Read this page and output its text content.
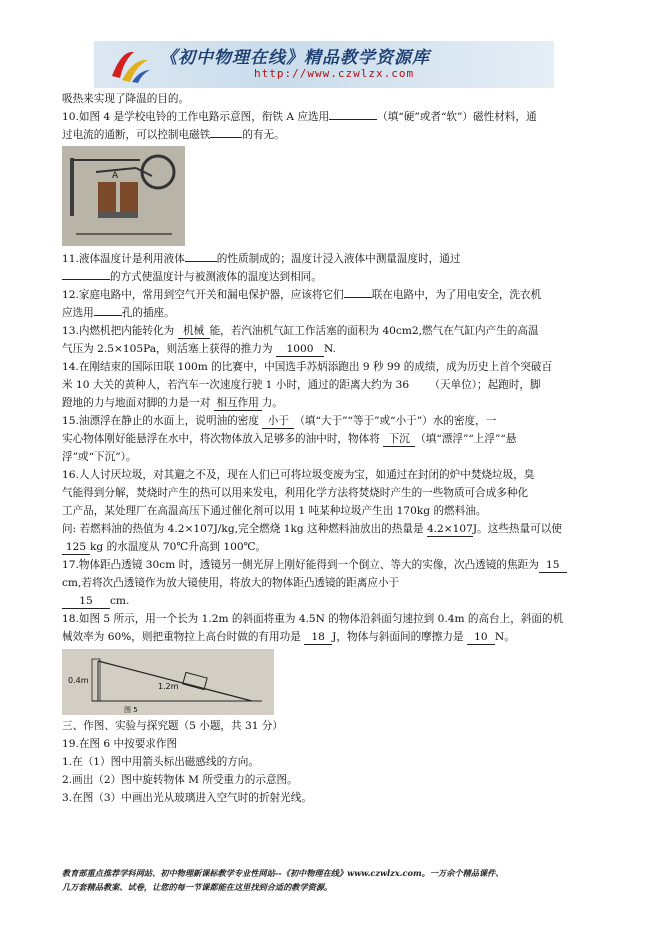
《初中物理在线》精品教学资源库
http://www.czwlzx.com

吸热来实现了降温的目的。

10.如图 4 是学校电铃的工作电路示意图，衔铁 A 应选用	（填“硬”或者“软”）磁性材料，通

过电流的通断，可以控制电磁铁	的有无。

A

11.液体温度计是利用液体	的性质制成的；温度计浸入液体中测量温度时，通过

的方式使温度计与被测液体的温度达到相同。

12.家庭电路中，常用到空气开关和漏电保护器，应该将它们	联在电路中，为了用电安全，洗衣机

应选用	孔的插座。

13.内燃机把内能转化为 机械 能，若汽油机气缸工作活塞的面积为 40cm2,燃气在气缸内产生的高温

气压为 2.5×105Pa，则活塞上获得的推力为 1000 N.

14.在刚结束的国际田联 100m 的比赛中，中国选手苏炳添跑出 9 秒 99 的成绩，成为历史上首个突破百

米 10 大关的黄种人，若汽车一次速度行驶 1 小时，通过的距离大约为 36 （天单位）；起跑时，脚

蹬地的力与地面对脚的力是一对 相互作用 力。

15.油漂浮在静止的水面上，说明油的密度 小于 （填“大于”“等于”或“小于”）水的密度，一

实心物体刚好能悬浮在水中，将次物体放入足够多的油中时，物体将 下沉 （填“漂浮”“上浮”“悬

浮”或“下沉”）。

16.人人讨厌垃圾，对其避之不及，现在人们已可将垃圾变废为宝，如通过在封闭的炉中焚烧垃圾，臭

气能得到分解，焚烧时产生的热可以用来发电，利用化学方法将焚烧时产生的一些物质可合成多种化

工产品，某处理厂在高温高压下通过催化剂可以用 1 吨某种垃圾产生出 170kg 的燃料油。

问: 若燃料油的热值为 4.2×107J/kg,完全燃烧 1kg 这种燃料油放出的热量是 4.2×107J。这些热量可以使

125 kg 的水温度从 70℃升高到 100℃。

17.物体距凸透镜 30cm 时，透镜另一侧光屏上刚好能得到一个倒立、等大的实像，次凸透镜的焦距为 15

cm,若将次凸透镜作为放大镜使用，将放大的物体距凸透镜的距离应小于

15 cm.

18.如图 5 所示，用一个长为 1.2m 的斜面将重为 4.5N 的物体沿斜面匀速拉到 0.4m 的高台上，斜面的机

械效率为 60%，则把重物拉上高台时做的有用功是 18 J，物体与斜面间的摩擦力是 10 N。

0.4m
1.2m
图 5

三、作图、实验与探究题（5 小题，共 31 分）

19.在图 6 中按要求作图

1.在（1）图中用箭头标出磁感线的方向。

2.画出（2）图中旋转物体 M 所受重力的示意图。

3.在图（3）中画出光从玻璃进入空气时的折射光线。

教育部重点推荐学科网站、初中物理新课标教学专业性网站--《初中物理在线》www.czwlzx.com。一万余个精品课件、
几万套精品教案、试卷，让您的每一节课都能在这里找到合适的教学资源。
